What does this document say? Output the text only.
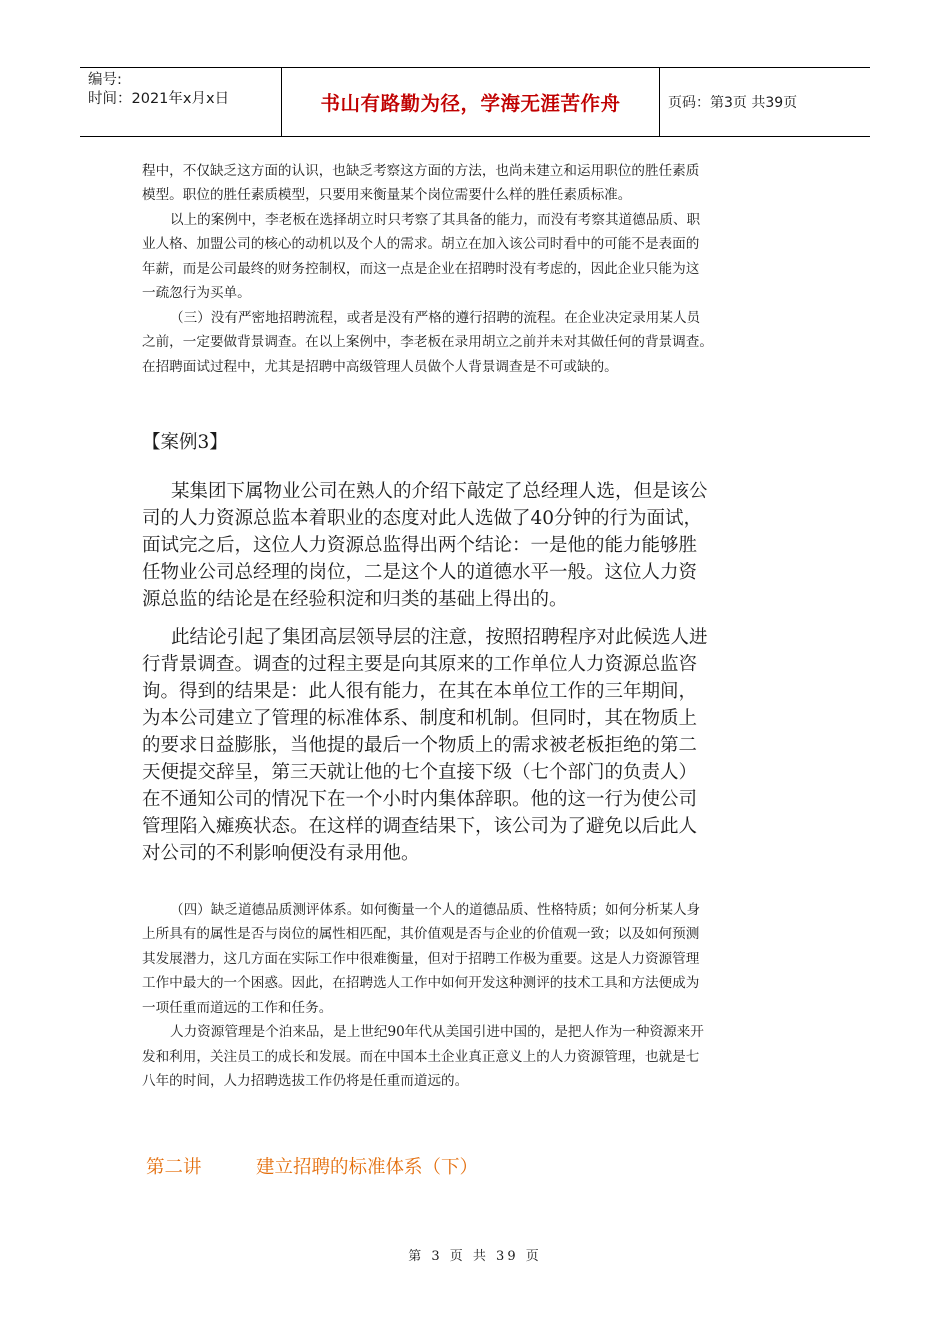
编号:
时间：2021年x月x日	书山有路勤为径，学海无涯苦作舟	页码：第3页 共39页

程中，不仅缺乏这方面的认识，也缺乏考察这方面的方法，也尚未建立和运用职位的胜任素质

模型。职位的胜任素质模型，只要用来衡量某个岗位需要什么样的胜任素质标准。

以上的案例中，李老板在选择胡立时只考察了其具备的能力，而没有考察其道德品质、职

业人格、加盟公司的核心的动机以及个人的需求。胡立在加入该公司时看中的可能不是表面的

年薪，而是公司最终的财务控制权，而这一点是企业在招聘时没有考虑的，因此企业只能为这

一疏忽行为买单。

（三）没有严密地招聘流程，或者是没有严格的遵行招聘的流程。在企业决定录用某人员

之前，一定要做背景调查。在以上案例中，李老板在录用胡立之前并未对其做任何的背景调查。

在招聘面试过程中，尤其是招聘中高级管理人员做个人背景调查是不可或缺的。

【案例3】

某集团下属物业公司在熟人的介绍下敲定了总经理人选，但是该公

司的人力资源总监本着职业的态度对此人选做了40分钟的行为面试，

面试完之后，这位人力资源总监得出两个结论：一是他的能力能够胜

任物业公司总经理的岗位，二是这个人的道德水平一般。这位人力资

源总监的结论是在经验积淀和归类的基础上得出的。

此结论引起了集团高层领导层的注意，按照招聘程序对此候选人进

行背景调查。调查的过程主要是向其原来的工作单位人力资源总监咨

询。得到的结果是：此人很有能力，在其在本单位工作的三年期间，

为本公司建立了管理的标准体系、制度和机制。但同时，其在物质上

的要求日益膨胀，当他提的最后一个物质上的需求被老板拒绝的第二

天便提交辞呈，第三天就让他的七个直接下级（七个部门的负责人）

在不通知公司的情况下在一个小时内集体辞职。他的这一行为使公司

管理陷入瘫痪状态。在这样的调查结果下，该公司为了避免以后此人

对公司的不利影响便没有录用他。

（四）缺乏道德品质测评体系。如何衡量一个人的道德品质、性格特质；如何分析某人身

上所具有的属性是否与岗位的属性相匹配，其价值观是否与企业的价值观一致；以及如何预测

其发展潜力，这几方面在实际工作中很难衡量，但对于招聘工作极为重要。这是人力资源管理

工作中最大的一个困惑。因此，在招聘选人工作中如何开发这种测评的技术工具和方法便成为

一项任重而道远的工作和任务。

人力资源管理是个泊来品，是上世纪90年代从美国引进中国的，是把人作为一种资源来开

发和利用，关注员工的成长和发展。而在中国本土企业真正意义上的人力资源管理，也就是七

八年的时间，人力招聘选拔工作仍将是任重而道远的。

第二讲	建立招聘的标准体系（下）
第 3 页 共 39 页
